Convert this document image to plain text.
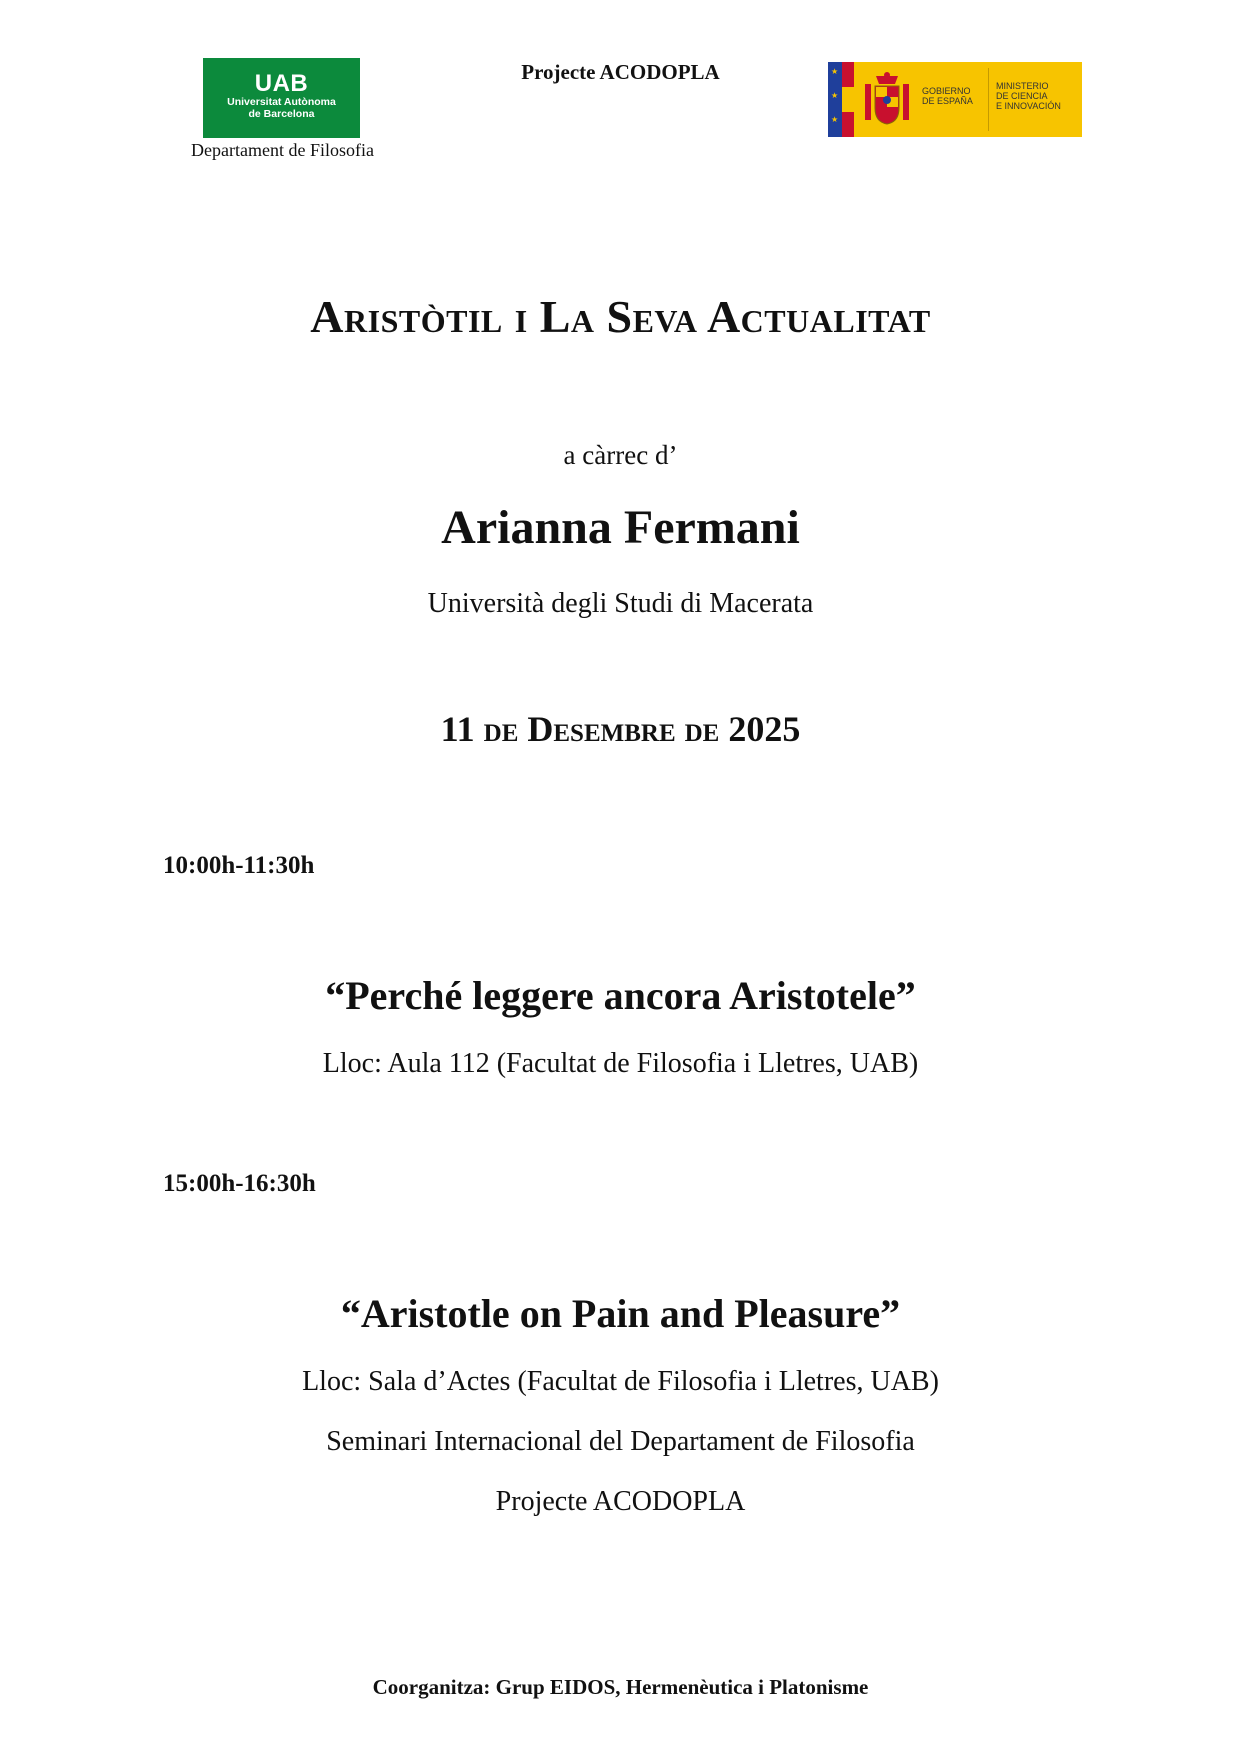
UAB
Universitat Autònoma
de Barcelona
Departament de Filosofia
Projecte ACODOPLA	★
★
★
GOBIERNO
DE ESPAÑA
MINISTERIO
DE CIENCIA
E INNOVACIÓN
Aristòtil i La Seva Actualitat
a càrrec d’
Arianna Fermani
Università degli Studi di Macerata
11 de Desembre de 2025
10:00h-11:30h
“Perché leggere ancora Aristotele”
Lloc: Aula 112 (Facultat de Filosofia i Lletres, UAB)
15:00h-16:30h
“Aristotle on Pain and Pleasure”
Lloc: Sala d’Actes (Facultat de Filosofia i Lletres, UAB)
Seminari Internacional del Departament de Filosofia
Projecte ACODOPLA
Coorganitza: Grup EIDOS, Hermenèutica i Platonisme
